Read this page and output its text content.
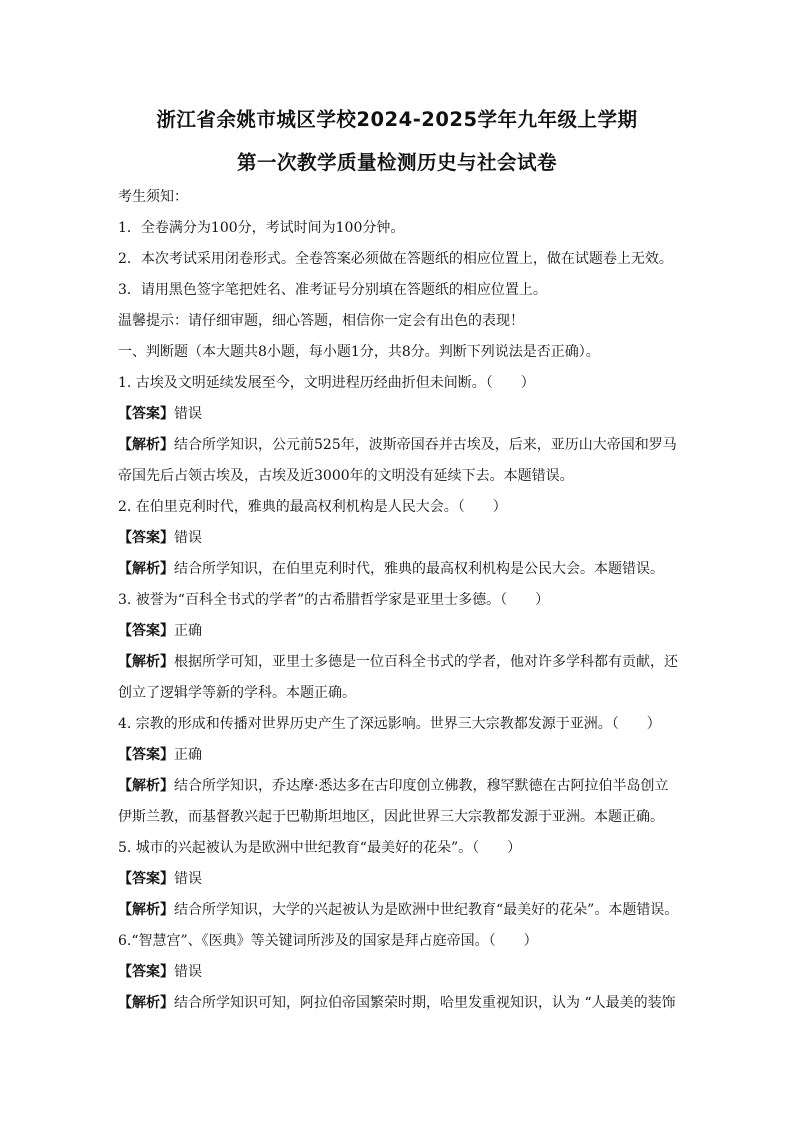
浙江省余姚市城区学校2024-2025学年九年级上学期
第一次教学质量检测历史与社会试卷
考生须知：
1．全卷满分为100分，考试时间为100分钟。
2．本次考试采用闭卷形式。全卷答案必须做在答题纸的相应位置上，做在试题卷上无效。
3．请用黑色签字笔把姓名、准考证号分别填在答题纸的相应位置上。
温馨提示：请仔细审题，细心答题，相信你一定会有出色的表现！
一、判断题（本大题共8小题，每小题1分，共8分。判断下列说法是否正确）。
1. 古埃及文明延续发展至今，文明进程历经曲折但未间断。（　　）
【答案】错误
【解析】结合所学知识，公元前525年，波斯帝国吞并古埃及，后来，亚历山大帝国和罗马
帝国先后占领古埃及，古埃及近3000年的文明没有延续下去。本题错误。
2. 在伯里克利时代，雅典的最高权利机构是人民大会。（　　）
【答案】错误
【解析】结合所学知识，在伯里克利时代，雅典的最高权利机构是公民大会。本题错误。
3. 被誉为“百科全书式的学者”的古希腊哲学家是亚里士多德。（　　）
【答案】正确
【解析】根据所学可知，亚里士多德是一位百科全书式的学者，他对许多学科都有贡献，还
创立了逻辑学等新的学科。本题正确。
4. 宗教的形成和传播对世界历史产生了深远影响。世界三大宗教都发源于亚洲。（　　）
【答案】正确
【解析】结合所学知识，乔达摩·悉达多在古印度创立佛教，穆罕默德在古阿拉伯半岛创立
伊斯兰教，而基督教兴起于巴勒斯坦地区，因此世界三大宗教都发源于亚洲。本题正确。
5. 城市的兴起被认为是欧洲中世纪教育“最美好的花朵”。（　　）
【答案】错误
【解析】结合所学知识，大学的兴起被认为是欧洲中世纪教育“最美好的花朵”。本题错误。
6.“智慧宫”、《医典》等关键词所涉及的国家是拜占庭帝国。（　　）
【答案】错误
【解析】结合所学知识可知，阿拉伯帝国繁荣时期，哈里发重视知识，认为 “人最美的装饰
